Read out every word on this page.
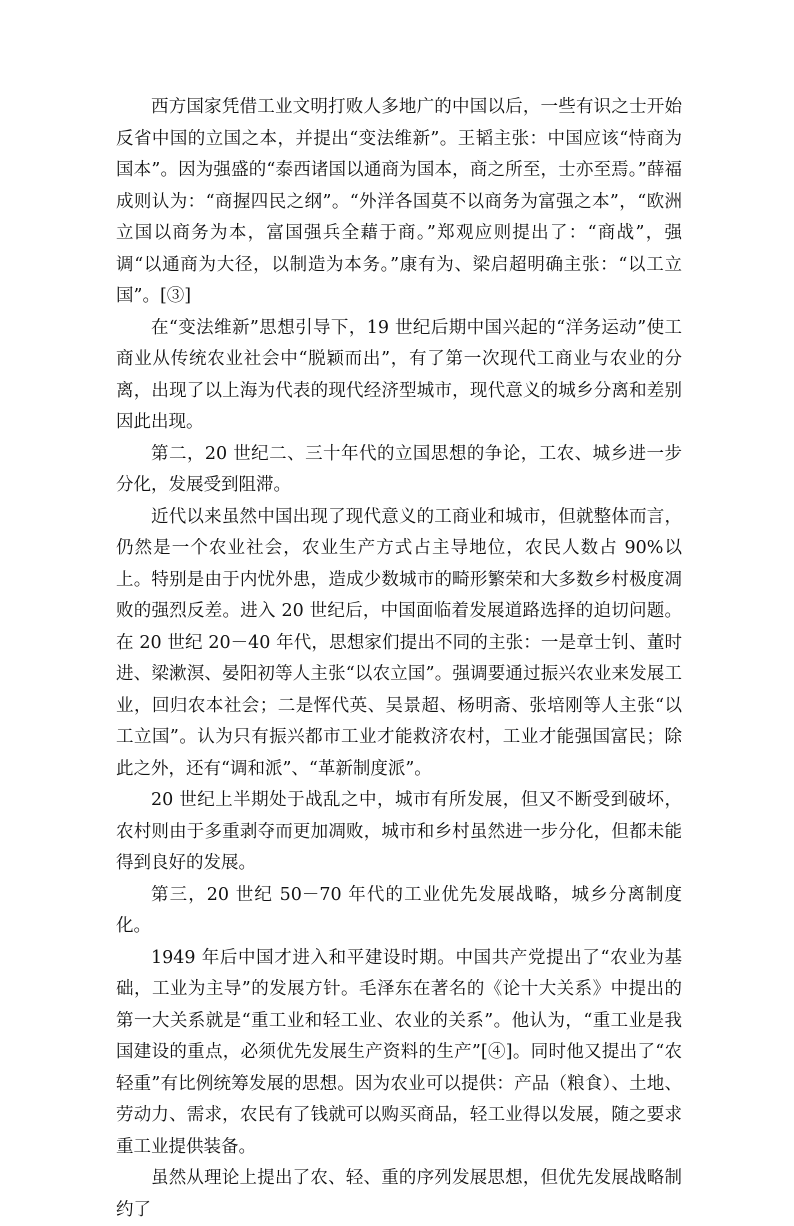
西方国家凭借工业文明打败人多地广的中国以后，一些有识之士开始反省中国的立国之本，并提出“变法维新”。王韬主张：中国应该“恃商为国本”。因为强盛的“泰西诸国以通商为国本，商之所至，士亦至焉。”薛福成则认为：“商握四民之纲”。“外洋各国莫不以商务为富强之本”，“欧洲立国以商务为本，富国强兵全藉于商。”郑观应则提出了：“商战”，强调“以通商为大径，以制造为本务。”康有为、梁启超明确主张：“以工立国”。[③]

在“变法维新”思想引导下，19 世纪后期中国兴起的“洋务运动”使工商业从传统农业社会中“脱颖而出”，有了第一次现代工商业与农业的分离，出现了以上海为代表的现代经济型城市，现代意义的城乡分离和差别因此出现。

第二，20 世纪二、三十年代的立国思想的争论，工农、城乡进一步分化，发展受到阻滞。

近代以来虽然中国出现了现代意义的工商业和城市，但就整体而言，仍然是一个农业社会，农业生产方式占主导地位，农民人数占 90%以上。特别是由于内忧外患，造成少数城市的畸形繁荣和大多数乡村极度凋败的强烈反差。进入 20 世纪后，中国面临着发展道路选择的迫切问题。在 20 世纪 20－40 年代，思想家们提出不同的主张：一是章士钊、董时进、梁漱溟、晏阳初等人主张“以农立国”。强调要通过振兴农业来发展工业，回归农本社会；二是恽代英、吴景超、杨明斋、张培刚等人主张“以工立国”。认为只有振兴都市工业才能救济农村，工业才能强国富民；除此之外，还有“调和派”、“革新制度派”。

20 世纪上半期处于战乱之中，城市有所发展，但又不断受到破坏，农村则由于多重剥夺而更加凋败，城市和乡村虽然进一步分化，但都未能得到良好的发展。

第三，20 世纪 50－70 年代的工业优先发展战略，城乡分离制度化。

1949 年后中国才进入和平建设时期。中国共产党提出了“农业为基础，工业为主导”的发展方针。毛泽东在著名的《论十大关系》中提出的第一大关系就是“重工业和轻工业、农业的关系”。他认为，“重工业是我国建设的重点，必须优先发展生产资料的生产”[④]。同时他又提出了“农轻重”有比例统筹发展的思想。因为农业可以提供：产品（粮食）、土地、劳动力、需求，农民有了钱就可以购买商品，轻工业得以发展，随之要求重工业提供装备。

虽然从理论上提出了农、轻、重的序列发展思想，但优先发展战略制约了
